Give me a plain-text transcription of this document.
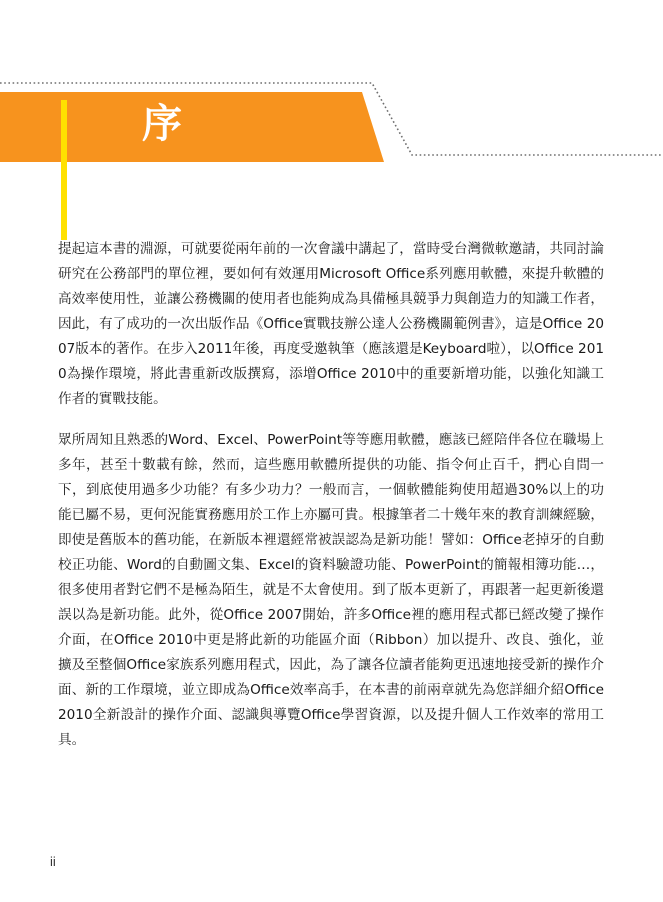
序

提起這本書的淵源，可就要從兩年前的一次會議中講起了，當時受台灣微軟邀請，共同討論研究在公務部門的單位裡，要如何有效運用Microsoft Office系列應用軟體，來提升軟體的高效率使用性，並讓公務機關的使用者也能夠成為具備極具競爭力與創造力的知識工作者，因此，有了成功的一次出版作品《Office實戰技辦公達人公務機關範例書》，這是Office 2007版本的著作。在步入2011年後，再度受邀執筆（應該還是Keyboard啦），以Office 2010為操作環境，將此書重新改版撰寫，添增Office 2010中的重要新增功能，以強化知識工作者的實戰技能。

眾所周知且熟悉的Word、Excel、PowerPoint等等應用軟體，應該已經陪伴各位在職場上多年，甚至十數載有餘，然而，這些應用軟體所提供的功能、指令何止百千，捫心自問一下，到底使用過多少功能？有多少功力？一般而言，一個軟體能夠使用超過30%以上的功能已屬不易，更何況能實務應用於工作上亦屬可貴。根據筆者二十幾年來的教育訓練經驗，即使是舊版本的舊功能，在新版本裡還經常被誤認為是新功能！譬如：Office老掉牙的自動校正功能、Word的自動圖文集、Excel的資料驗證功能、PowerPoint的簡報相簿功能…，很多使用者對它們不是極為陌生，就是不太會使用。到了版本更新了，再跟著一起更新後還誤以為是新功能。此外，從Office 2007開始，許多Office裡的應用程式都已經改變了操作介面，在Office 2010中更是將此新的功能區介面（Ribbon）加以提升、改良、強化，並擴及至整個Office家族系列應用程式，因此，為了讓各位讀者能夠更迅速地接受新的操作介面、新的工作環境，並立即成為Office效率高手，在本書的前兩章就先為您詳細介紹Office 2010全新設計的操作介面、認識與導覽Office學習資源，以及提升個人工作效率的常用工具。

ii
